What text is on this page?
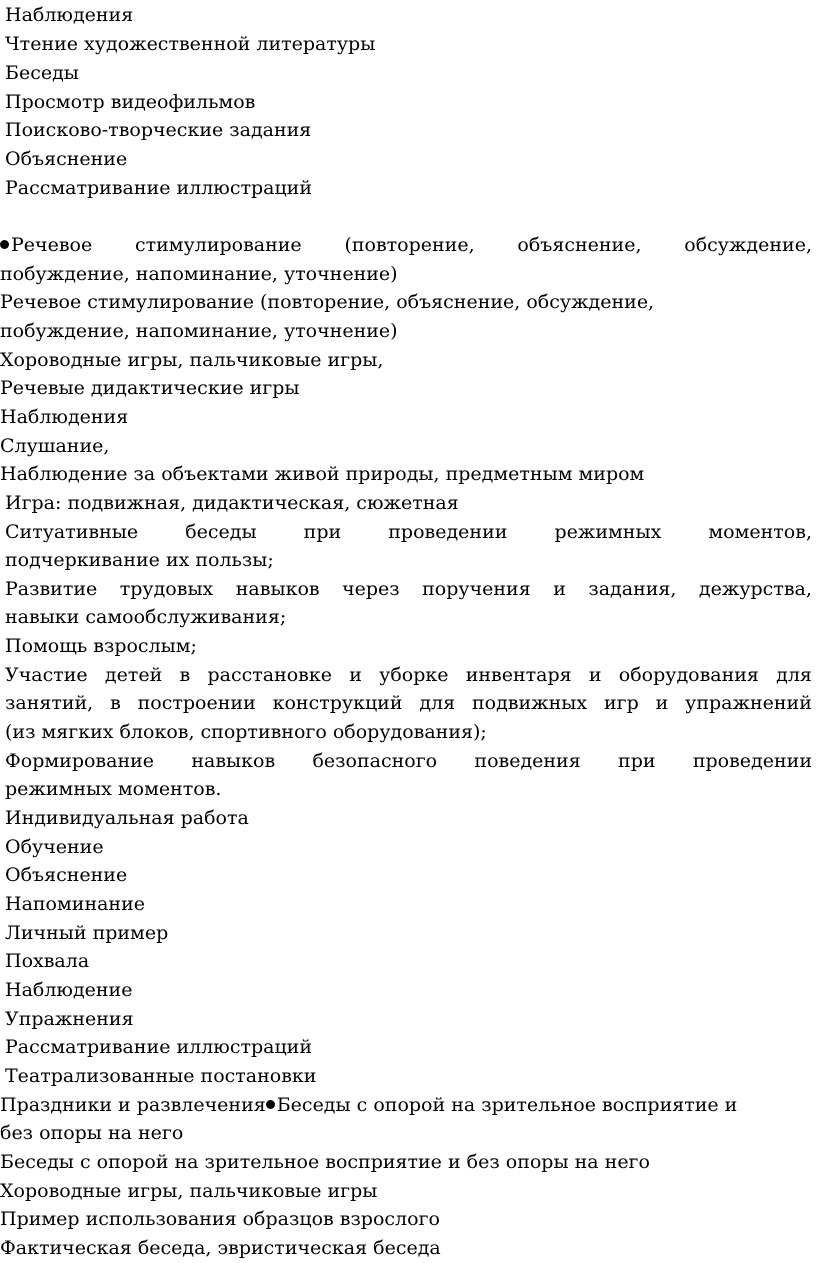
Наблюдения
Чтение художественной литературы
Беседы
Просмотр видеофильмов
Поисково-творческие задания
Объяснение
Рассматривание иллюстраций
Речевое стимулирование (повторение, объяснение, обсуждение,
побуждение, напоминание, уточнение)
Речевое стимулирование (повторение, объяснение, обсуждение,
побуждение, напоминание, уточнение)
Хороводные игры, пальчиковые игры,
Речевые дидактические игры
Наблюдения
Слушание,
Наблюдение за объектами живой природы, предметным миром
Игра: подвижная, дидактическая, сюжетная
Ситуативные беседы при проведении режимных моментов,
подчеркивание их пользы;
Развитие трудовых навыков через поручения и задания, дежурства,
навыки самообслуживания;
Помощь взрослым;
Участие детей в расстановке и уборке инвентаря и оборудования для
занятий, в построении конструкций для подвижных игр и упражнений
(из мягких блоков, спортивного оборудования);
Формирование навыков безопасного поведения при проведении
режимных моментов.
Индивидуальная работа
Обучение
Объяснение
Напоминание
Личный пример
Похвала
Наблюдение
Упражнения
Рассматривание иллюстраций
Театрализованные постановки
Праздники и развлечения Беседы с опорой на зрительное восприятие и
без опоры на него
Беседы с опорой на зрительное восприятие и без опоры на него
Хороводные игры, пальчиковые игры
Пример использования образцов взрослого
Фактическая беседа, эвристическая беседа
